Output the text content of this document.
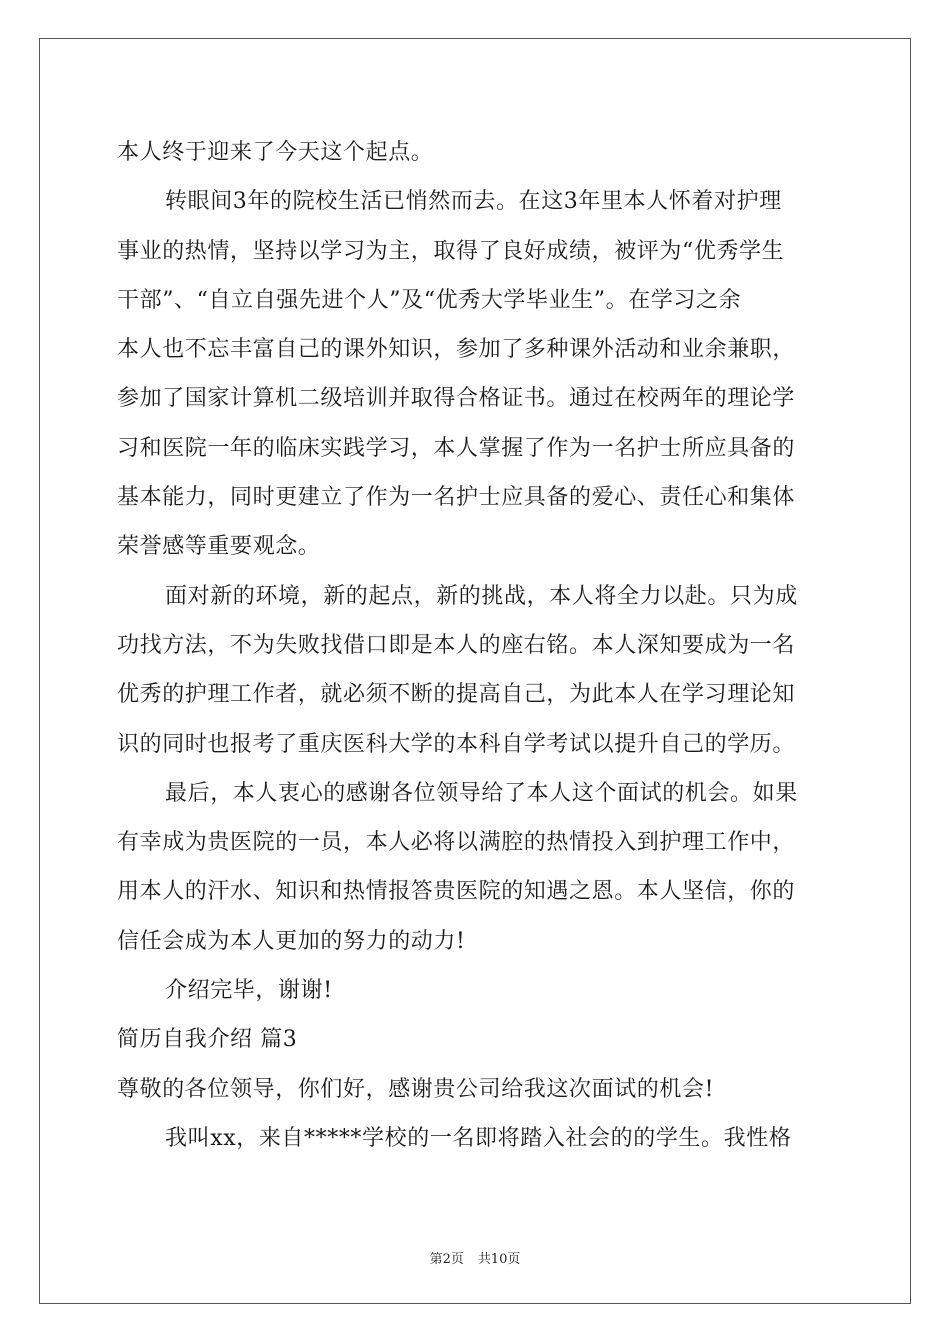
本人终于迎来了今天这个起点。
转眼间3年的院校生活已悄然而去。在这3年里本人怀着对护理
事业的热情，坚持以学习为主，取得了良好成绩，被评为“优秀学生
干部”、“自立自强先进个人”及“优秀大学毕业生”。在学习之余
本人也不忘丰富自己的课外知识，参加了多种课外活动和业余兼职，
参加了国家计算机二级培训并取得合格证书。通过在校两年的理论学
习和医院一年的临床实践学习，本人掌握了作为一名护士所应具备的
基本能力，同时更建立了作为一名护士应具备的爱心、责任心和集体
荣誉感等重要观念。
面对新的环境，新的起点，新的挑战，本人将全力以赴。只为成
功找方法，不为失败找借口即是本人的座右铭。本人深知要成为一名
优秀的护理工作者，就必须不断的提高自己，为此本人在学习理论知
识的同时也报考了重庆医科大学的本科自学考试以提升自己的学历。
最后，本人衷心的感谢各位领导给了本人这个面试的机会。如果
有幸成为贵医院的一员，本人必将以满腔的热情投入到护理工作中，
用本人的汗水、知识和热情报答贵医院的知遇之恩。本人坚信，你的
信任会成为本人更加的努力的动力!
介绍完毕，谢谢!
简历自我介绍 篇3
尊敬的各位领导，你们好，感谢贵公司给我这次面试的机会!
我叫xx，来自*****学校的一名即将踏入社会的的学生。我性格
第2页 共10页
